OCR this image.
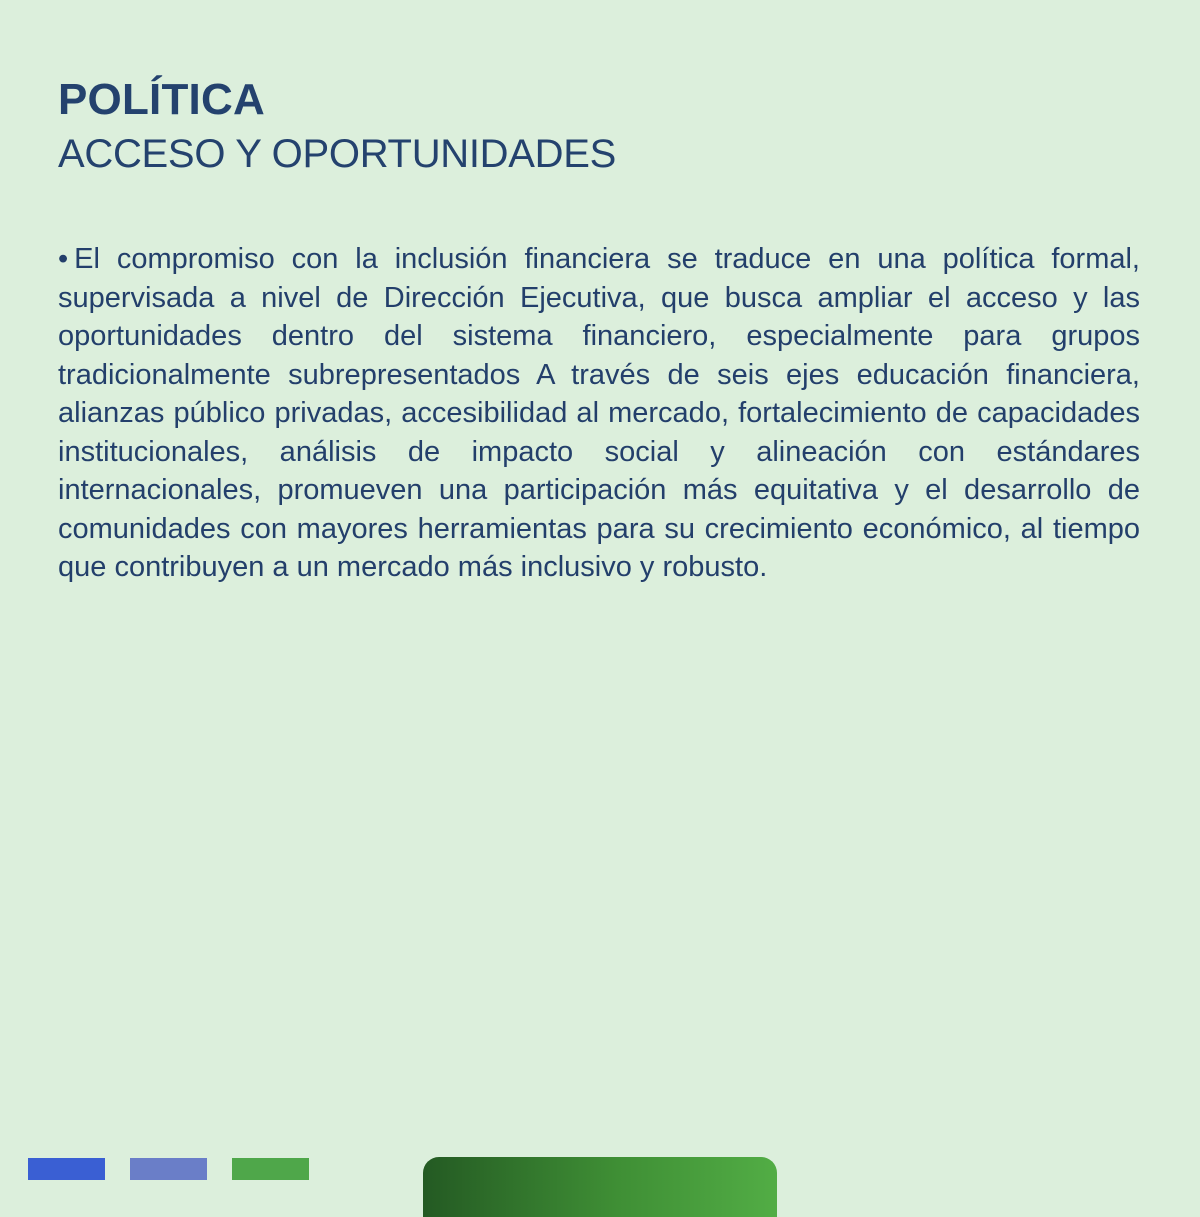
POLÍTICA
ACCESO Y OPORTUNIDADES

• El compromiso con la inclusión financiera se traduce en una política formal, supervisada a nivel de Dirección Ejecutiva, que busca ampliar el acceso y las oportunidades dentro del sistema financiero, especialmente para grupos tradicionalmente subrepresentados A través de seis ejes educación financiera, alianzas público privadas, accesibilidad al mercado, fortalecimiento de capacidades institucionales, análisis de impacto social y alineación con estándares internacionales, promueven una participación más equitativa y el desarrollo de comunidades con mayores herramientas para su crecimiento económico, al tiempo que contribuyen a un mercado más inclusivo y robusto.
